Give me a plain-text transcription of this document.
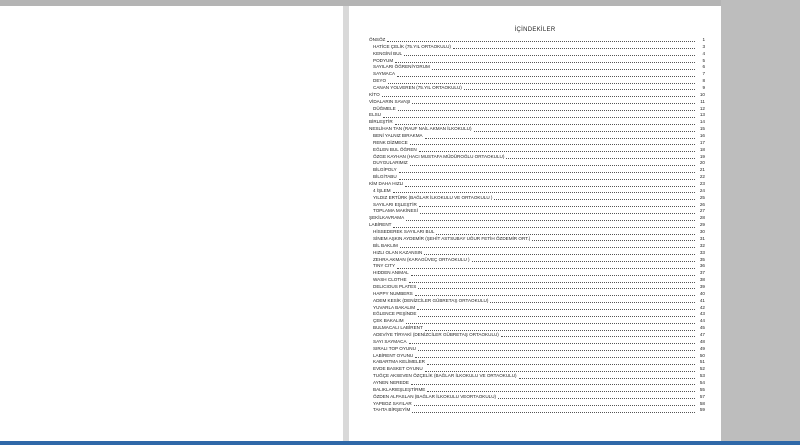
İÇİNDEKİLER
ÖNSÖZ	1
HATİCE ÇELİK (75.YIL ORTAOKULU)	3
KENGİNİ BUL	4
PODYUM	5
SAYILARI ÖĞRENİYORUM	6
SAYMACA	7
DEYO	8
CANAN YOLVEREN (75.YIL ORTAOKULU)	9
KİTO	10
VİDALARIN SAVAŞI	11
DÜĞMELE	12
ELSU	13
BİRLEŞTİR	14
NESLİHAN TAN (RAUF NAİL AKMAN İLKOKULU)	15
BENİ YALNIZ BIRAKMA	16
RENK DİZMECE	17
EĞLEN BUL ÖĞREN	18
ÖZGE KAYHAN (HACI MUSTAFA MÜDÜROĞLU ORTAOKULU)	19
DUYGULARIMIZ	20
BİLGİPOLY	21
BİLGİTABU	22
KİM DAHA HIZLI	23
4 İŞLEM	24
YILDIZ ERTÜRK (BAĞLAR İLKOKULU VE ORTAOKULU )	25
SAYILARI EŞLEŞTİR	26
TOPLAMA MAKİNESİ	27
ŞEKİLKAVRAMA	28
LABİRENT	29
HİSSEDEREK SAYILARI BUL	30
SİNEM AŞKIN AYDEMİR (ŞEHİT ASTSUBAY UĞUR FETİH ÖZDEMİR ORT.)	31
BİL BAKLIM	32
HIZLI OLAN KAZANSIN	33
ZEHRA AKMAN (KARAGÜVEÇ ORTAOKULU )	35
TINY CITY	36
HIDDEN ANIMAL	37
WASH CLOTHE	38
DELICIOUS PLATES	39
HAPPY NUMBERS	40
ADEM KESİK (DENİZCİLER GÜBRETAŞ ORTAOKULU)	41
YUVARLA BAKALIM	42
EĞLENCE PEŞİNDE	43
ÇEK BAKALIM	44
BULMACALI LABİRENT	45
ADEVİYE TİRYAKİ (DENİZCİLER GÜBRETAŞ ORTAOKULU)	47
SAYI SAYMACA	48
SIRALI TOP OYUNU	49
LABİRENT OYUNU	50
KABARTMA KELİMELER	51
EVDE BASKET OYUNU	52
TUĞÇE AKSEVEN ÖZÇELİK (BAĞLAR İLKOKULU VE ORTAOKULU)	53
AYNEN NEREDE	54
BALIKLARIEŞLEŞTİRME	55
ÖZDEN ALPASLAN (BAĞLAR İLKOKULU VEORTAOKULU)	57
YAPBOZ SAYILAR	58
TAHTA BİRŞEYİM	59
